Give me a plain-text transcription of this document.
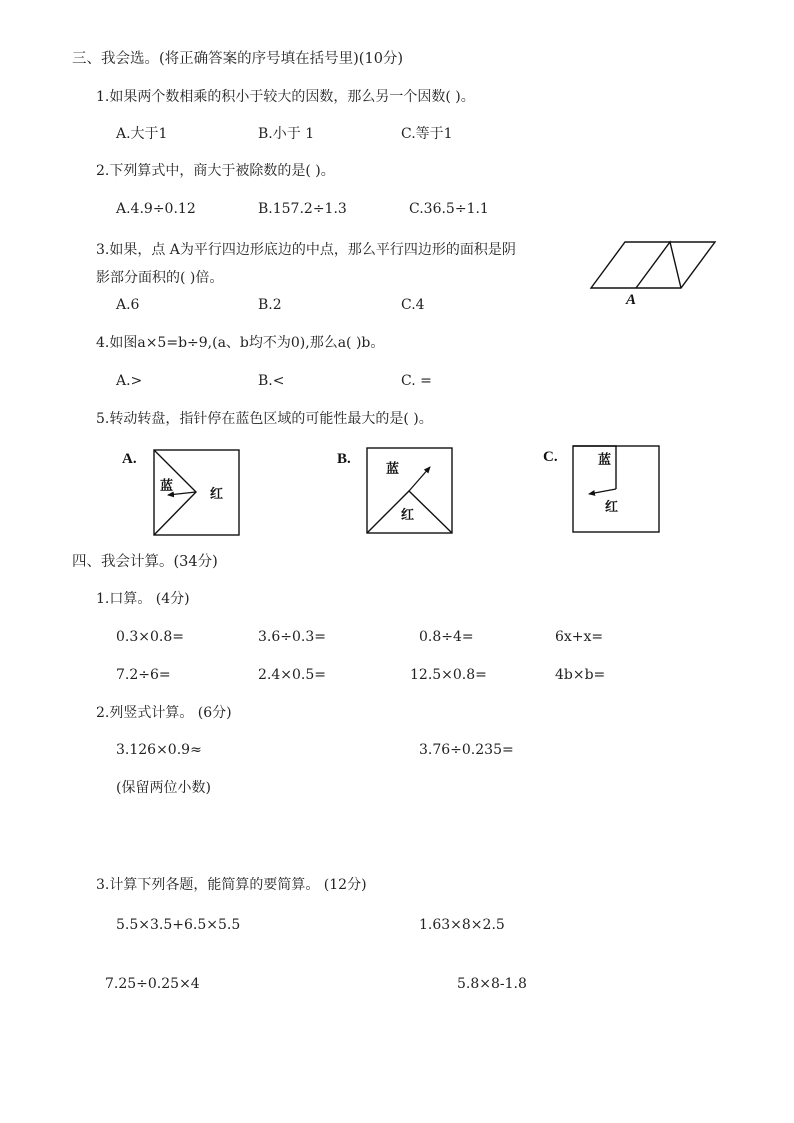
三、我会选。(将正确答案的序号填在括号里)(10分)
1.如果两个数相乘的积小于较大的因数，那么另一个因数( )。
A.大于1	B.小于 1	C.等于1
2.下列算式中，商大于被除数的是( )。
A.4.9÷0.12	B.157.2÷1.3	C.36.5÷1.1
3.如果，点 A为平行四边形底边的中点，那么平行四边形的面积是阴
影部分面积的( )倍。
A.6	B.2	C.4	A
4.如图a×5=b÷9,(a、b均不为0),那么a( )b。
A.>	B.<	C. =
5.转动转盘，指针停在蓝色区域的可能性最大的是( )。
A.
蓝
红
B.
蓝
红
C.	蓝
红
四、我会计算。(34分)
1.口算。 (4分)
0.3×0.8=	3.6÷0.3=	0.8÷4=	6x+x=
7.2÷6=	2.4×0.5=	12.5×0.8=	4b×b=
2.列竖式计算。 (6分)
3.126×0.9≈	3.76÷0.235=
(保留两位小数)
3.计算下列各题，能简算的要简算。 (12分)
5.5×3.5+6.5×5.5	1.63×8×2.5
7.25÷0.25×4	5.8×8-1.8
